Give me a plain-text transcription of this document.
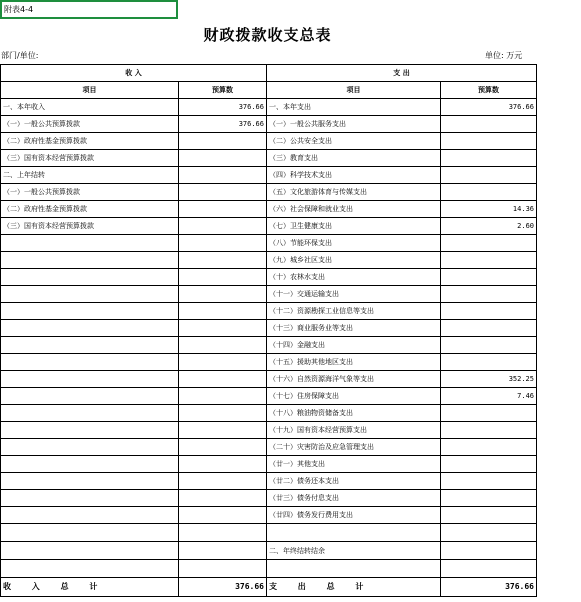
附表4-4
财政拨款收支总表
部门/单位:	单位: 万元
收 入		支 出	
项目	预算数	项目	预算数
一、本年收入	376.66	一、本年支出	376.66
（一）一般公共预算拨款	376.66	（一）一般公共服务支出	
（二）政府性基金预算拨款		（二）公共安全支出	
（三）国有资本经营预算拨款		（三）教育支出	
二、上年结转		（四）科学技术支出	
（一）一般公共预算拨款		（五）文化旅游体育与传媒支出	
（二）政府性基金预算拨款		（六）社会保障和就业支出	14.36
（三）国有资本经营预算拨款		（七）卫生健康支出	2.60
		（八）节能环保支出	
		（九）城乡社区支出	
		（十）农林水支出	
		（十一）交通运输支出	
		（十二）资源勘探工业信息等支出	
		（十三）商业服务业等支出	
		（十四）金融支出	
		（十五）援助其他地区支出	
		（十六）自然资源海洋气象等支出	352.25
		（十七）住房保障支出	7.46
		（十八）粮油物资储备支出	
		（十九）国有资本经营预算支出	
		（二十）灾害防治及应急管理支出	
		（廿一）其他支出	
		（廿二）债务还本支出	
		（廿三）债务付息支出	
		（廿四）债务发行费用支出	

		二、年终结转结余	

收 入 总 计	376.66	支 出 总 计	376.66
